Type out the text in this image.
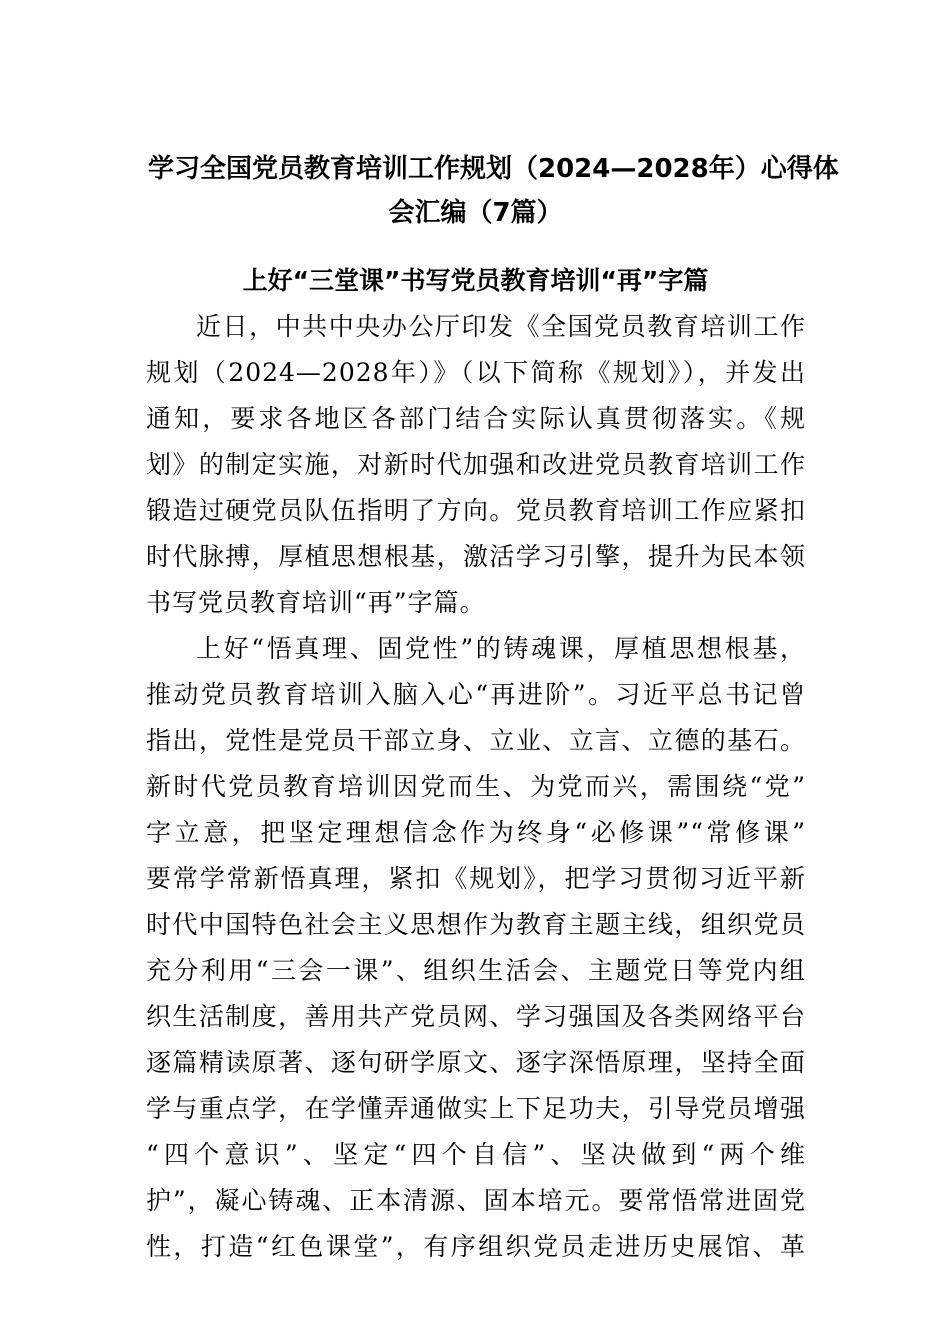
学习全国党员教育培训工作规划（2024—2028年）心得体
会汇编（7篇）
上好“三堂课”书写党员教育培训“再”字篇

近日，中共中央办公厅印发《全国党员教育培训工作

规划（2024—2028年）》（以下简称《规划》），并发出

通知，要求各地区各部门结合实际认真贯彻落实。《规

划》的制定实施，对新时代加强和改进党员教育培训工作

锻造过硬党员队伍指明了方向。党员教育培训工作应紧扣

时代脉搏，厚植思想根基，激活学习引擎，提升为民本领

书写党员教育培训“再”字篇。

上好“悟真理、固党性”的铸魂课，厚植思想根基，

推动党员教育培训入脑入心“再进阶”。习近平总书记曾

指出，党性是党员干部立身、立业、立言、立德的基石。

新时代党员教育培训因党而生、为党而兴，需围绕“党”

字立意，把坚定理想信念作为终身“必修课”“常修课”

要常学常新悟真理，紧扣《规划》，把学习贯彻习近平新

时代中国特色社会主义思想作为教育主题主线，组织党员

充分利用“三会一课”、组织生活会、主题党日等党内组

织生活制度，善用共产党员网、学习强国及各类网络平台

逐篇精读原著、逐句研学原文、逐字深悟原理，坚持全面

学与重点学，在学懂弄通做实上下足功夫，引导党员增强

“四个意识”、坚定“四个自信”、坚决做到“两个维

护”，凝心铸魂、正本清源、固本培元。要常悟常进固党

性，打造“红色课堂”，有序组织党员走进历史展馆、革
